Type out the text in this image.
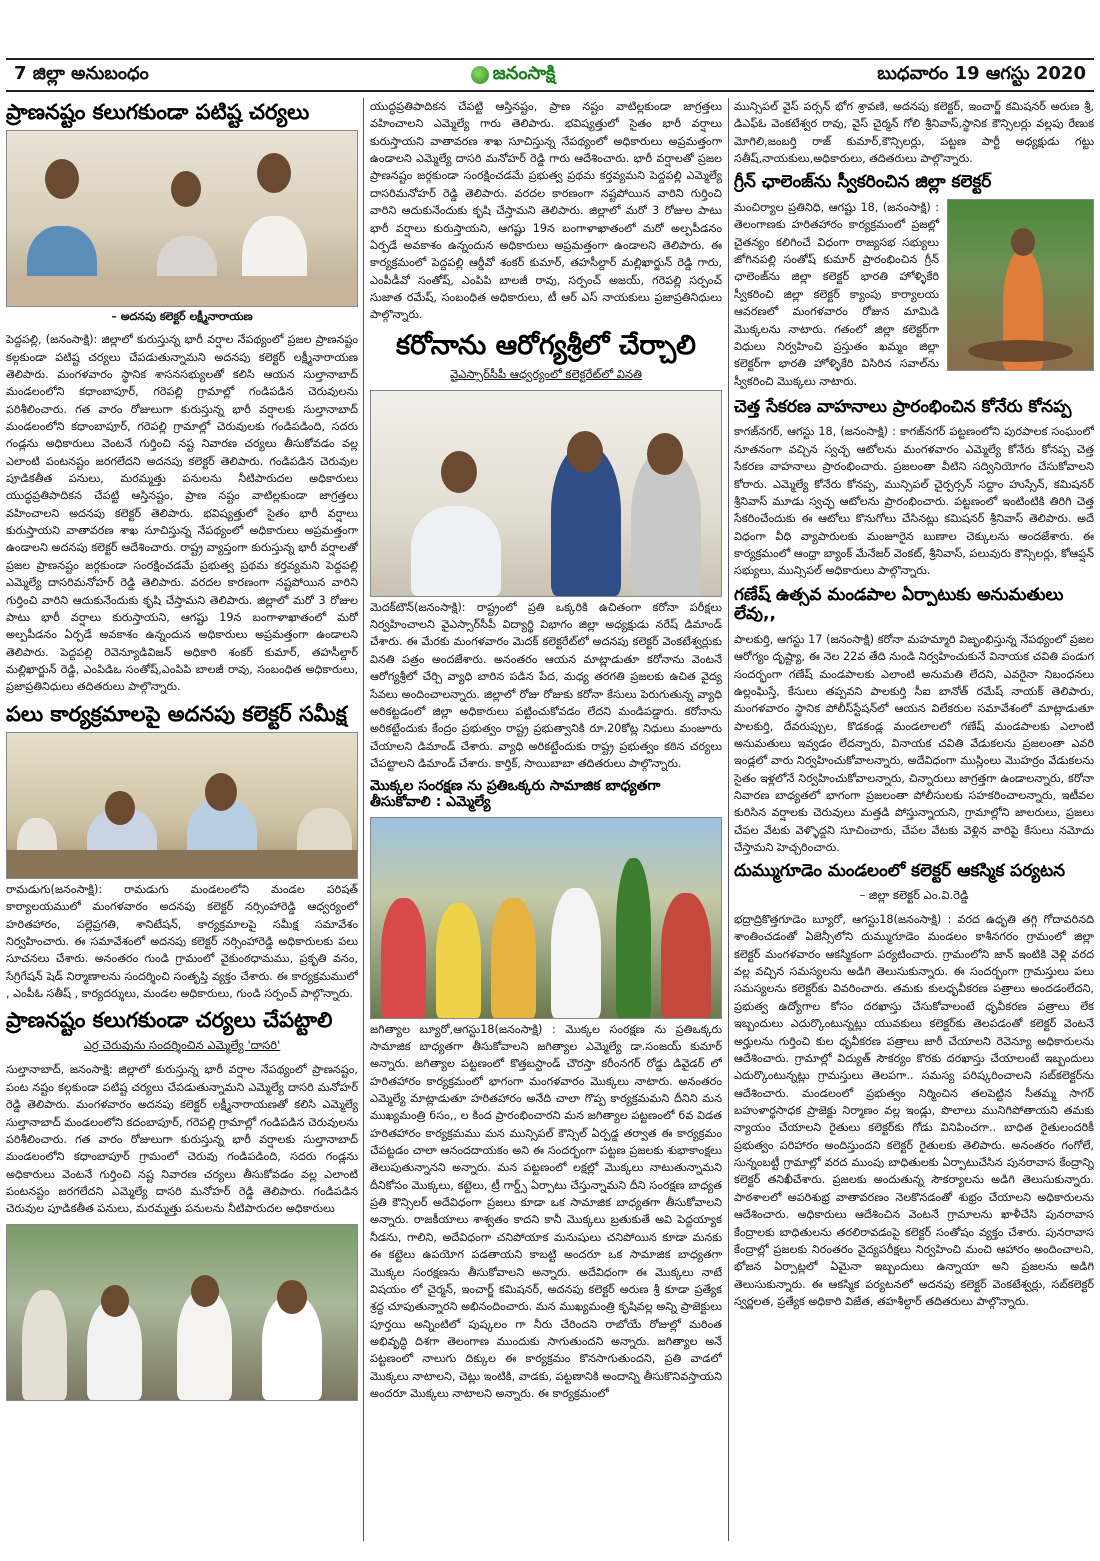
7 జిల్లా అనుబంధం	జనంసాక్షి	బుధవారం 19 ఆగస్టు 2020
ప్రాణనష్టం కలుగకుండా పటిష్ట చర్యలు
– అదనపు కలెక్టర్ లక్ష్మీనారాయణ

పెద్దపల్లి, (జనంసాక్షి): జిల్లాలో కురుస్తున్న భారీ వర్షాల నేపథ్యంలో ప్రజల ప్రాణనష్టం కల్గకుండా పటిష్ట చర్యలు చేపడుతున్నామని అదనపు కలెక్టర్ లక్ష్మీనారాయణ తెలిపారు. మంగళవారం స్థానిక శాసనసభ్యులతో కలిసి ఆయన సుల్తానాబాద్ మండలంలోని కధాంబాపూర్, గరెపల్లి గ్రామాల్లో గండిపడిన చెరువులను పరిశీలించారు. గత వారం రోజులుగా కురుస్తున్న భారీ వర్షాలకు సుల్తానాబాద్ మండలంలోని కధాంబాపూర్, గరెపల్లి గ్రామాల్లో చెరువులకు గండిపడింది, సదరు గండ్లను అధికారులు వెంటనే గుర్తించి నష్ట నివారణ చర్యలు తీసుకోవడం వల్ల ఎలాంటి పంటనష్టం జరగలేదని అదనపు కలెక్టర్ తెలిపారు. గండిపడిన చెరువుల పూడికతీత పనులు, మరమ్మత్తు పనులను నీటిపారుదల అధికారులు యుద్ధప్రతిపాదికన చేపట్టి ఆస్తినష్టం, ప్రాణ నష్టం వాటిల్లకుండా జాగ్రత్తలు వహించాలని అదనపు కలెక్టర్ తెలిపారు. భవిష్యత్తులో సైతం భారీ వర్షాలు కురుస్తాయని వాతావరణ శాఖ సూచిస్తున్న నేపథ్యంలో అధికారులు అప్రమత్తంగా ఉండాలని అదనపు కలెక్టర్ ఆదేశించారు. రాష్ట్ర వ్యాప్తంగా కురుస్తున్న భారీ వర్షాలతో ప్రజల ప్రాణనష్టం జర్గకుండా సంరక్షించడమే ప్రభుత్వ ప్రథమ కర్తవ్యమని పెద్దపల్లి ఎమ్మెల్యే దాసరిమనోహర్ రెడ్డి తెలిపారు. వరదల కారణంగా నష్టపోయిన వారిని గుర్తించి వారిని ఆదుకునేందుకు కృషి చేస్తామని తెలిపారు. జిల్లాలో మరో 3 రోజుల పాటు భారీ వర్షాలు కురుస్తాయని, ఆగష్టు 19న బంగాళాఖాతంలో మరో అల్పపీడనం ఏర్పడే అవకాశం ఉన్నందున అధికారులు అప్రమత్తంగా ఉండాలని తెలిపారు. పెద్దపల్లి రెవెన్యూడివిజన్ అధికారి శంకర్ కుమార్, తహసీల్దార్ మల్లిఖార్జున్ రెడ్డి, ఎంపిడిఒ సంతోష్,ఎంపిపి బాలజీ రావు, సంబంధిత అధికారులు, ప్రజాప్రతినిధులు తదితరులు పాల్గొన్నారు.

పలు కార్యక్రమాలపై అదనపు కలెక్టర్ సమీక్ష

రామడుగు(జనంసాక్షి): రామడుగు మండలంలోని మండల పరిషత్ కార్యాలయములో మంగళవారం అదనపు కలెక్టర్ నర్సింహారెడ్డి ఆధ్వర్యంలో హరితహారం, పల్లెప్రగతి, శానిటేషన్, కార్యక్రమాలపై సమీక్ష సమావేశం నిర్వహించారు. ఈ సమావేశంలో అదనపు కలెక్టర్ నర్సింహారెడ్డి అధికారులకు పలు సూచనలు చేశారు. అనంతరం గుండి గ్రామంలో వైకుంఠధామము, ప్రకృతి వనం, సేగ్రిగేషన్ షెడ్ నిర్మాణాలను సందర్శించి సంతృప్తి వ్యక్తం చేశారు. ఈ కార్యక్రమములో , ఎంపీఓ సతీష్ , కార్యదర్శులు, మండల అధికారులు, గుండి సర్పంచ్ పాల్గొన్నారు.

ప్రాణనష్టం కలుగకుండా చర్యలు చేపట్టాలి
ఎర్ర చెరువును సందర్శించిన ఎమ్మెల్యే 'దాసరి'

సుల్తానాబాద్, జనంసాక్షి: జిల్లాలో కురుస్తున్న భారీ వర్షాల నేపథ్యంలో ప్రాణనష్టం, పంట నష్టం కల్గకుండా పటిష్ట చర్యలు చేపడుతున్నామని ఎమ్మెల్యే దాసరి మనోహర్ రెడ్డి తెలిపారు. మంగళవారం అదనపు కలెక్టర్ లక్ష్మీనారాయణతో కలిసి ఎమ్మెల్యే సుల్తానాబాద్ మండలంలోని కదంబాపూర్, గరెపల్లి గ్రామాల్లో గండిపడిన చెరువులను పరిశీలించారు. గత వారం రోజులుగా కురుస్తున్న భారీ వర్షాలకు సుల్తానాబాద్ మండలంలోని కధాంబాపూర్ గ్రామంలో చెరువు గండిపడింది, సదరు గండ్లను అధికారులు వెంటనే గుర్తించి నష్ట నివారణ చర్యలు తీసుకోవడం వల్ల ఎలాంటి పంటనష్టం జరగలేదని ఎమ్మెల్యే దాసరి మనోహర్ రెడ్డి తెలిపారు. గండిపడిన చెరువుల పూడికతీత పనులు, మరమ్మత్తు పనులను నీటిపారుదల అధికారులు

యుద్ధప్రతిపాదికన చేపట్టి ఆస్తినష్టం, ప్రాణ నష్టం వాటిల్లకుండా జాగ్రత్తలు వహించాలని ఎమ్మెల్యే గారు తెలిపారు. భవిష్యత్తులో సైతం భారీ వర్షాలు కురుస్తాయని వాతావరణ శాఖ సూచిస్తున్న నేపథ్యంలో అధికారులు అప్రమత్తంగా ఉండాలని ఎమ్మెల్యే దాసరి మనోహర్ రెడ్డి గారు ఆదేశించారు. భారీ వర్షాలతో ప్రజల ప్రాణనష్టం జర్గకుండా సంరక్షించడమే ప్రభుత్వ ప్రథమ కర్తవ్యమని పెద్దపల్లి ఎమ్మెల్యే దాసరిమనోహర్ రెడ్డి తెలిపారు. వరదల కారణంగా నష్టపోయిన వారిని గుర్తించి వారిని ఆదుకునేందుకు కృషి చేస్తామని తెలిపారు. జిల్లాలో మరో 3 రోజుల పాటు భారీ వర్షాలు కురుస్తాయని, ఆగష్టు 19న బంగాళాఖాతంలో మరో అల్పపీడనం ఏర్పడే అవకాశం ఉన్నందున అధికారులు అప్రమత్తంగా ఉండాలని తెలిపారు. ఈ కార్యక్రమంలో పెద్దపల్లి ఆర్డీవో శంకర్ కుమార్, తహసీల్దార్ మల్లిఖార్జున్ రెడ్డి గారు, ఎంపీడీవో సంతోష్, ఎంపిపి బాలజీ రావు, సర్పంచ్ అజయ్, గరెపల్లి సర్పంచ్ సుజాత రమేష్, సంబంధిత అధికారులు, టీ ఆర్ ఎస్ నాయకులు ప్రజాప్రతినిధులు పాల్గొన్నారు.

కరోనాను ఆరోగ్యశ్రీలో చేర్చాలి
వైఎస్సార్‌సీపీ ఆధ్వర్యంలో కలెక్టరేట్‌లో వినతి

మెదక్‌టౌన్(జనంసాక్షి): రాష్ట్రంలో ప్రతి ఒక్కరికి ఉచితంగా కరోనా పరీక్షలు నిర్వహించాలని వైఎస్సార్‌సీపీ విద్యార్థి విభాగం జిల్లా అధ్యక్షుడు నరేష్ డిమాండ్ చేశారు. ఈ మేరకు మంగళవారం మెదక్ కలెక్టరేట్‌లో అదనపు కలెక్టర్ వెంకటేశ్వర్లుకు వినతి పత్రం అందజేశారు. అనంతరం ఆయన మాట్లాడుతూ కరోనాను వెంటనే ఆరోగ్యశ్రీలో చేర్చి వ్యాధి బారిన పడిన పేద, మధ్య తరగతి ప్రజలకు ఉచిత వైద్య సేవలు అందించాలన్నారు. జిల్లాలో రోజు రోజుకు కరోనా కేసులు పెరుగుతున్న వ్యాధి అరికట్టడంలో జిల్లా అధికారులు పట్టించుకోవడం లేదని మండిపడ్డారు. కరోనాను అరికట్టేందుకు కేంద్రం ప్రభుత్వం రాష్ట్ర ప్రభుత్వానికి రూ.20కోట్ల నిధులు మంజూరు చేయాలని డిమాండ్ చేశారు. వ్యాధి అరికట్టేందుకు రాష్ట్ర ప్రభుత్వం కఠిన చర్యలు చేపట్టాలని డిమాండ్ చేశారు. కార్తిక్, సాయిబాబా తదితరులు పాల్గొన్నారు.

మొక్కల సంరక్షణ ను ప్రతిఒక్కరు సామాజిక బాధ్యతగా తీసుకోవాలి : ఎమ్మెల్యే

జగిత్యాల బ్యూరో,ఆగస్టు18(జనంసాక్షి) : మొక్కల సంరక్షణ ను ప్రతిఒక్కరు సామాజిక బాధ్యతగా తీసుకోవాలని జగిత్యాల ఎమ్మెల్యే డా.సంజయ్ కుమార్ అన్నారు. జగిత్యాల పట్టణంలో కొత్తబస్టాండ్ చౌరస్తా కరీంనగర్ రోడ్డు డివైడర్ లో హరితహారం కార్యక్రమంలో భాగంగా మంగళవారం మొక్కలు నాటారు. అనంతరం ఎమ్మెల్యే మాట్లాడుతూ హరితహారం అనేది చాలా గొప్ప కార్యక్రమమని దీనిని మన ముఖ్యమంత్రి 6సం,, ల కింద ప్రారంభించారని మన జగిత్యాల పట్టణంలో 6వ విడత హరితహారం కార్యక్రమము మన మున్సిపల్ కౌన్సిల్ ఏర్పడ్డ తర్వాత ఈ కార్యక్రమం చేపట్టడం చాలా ఆనందదాయకం అని ఈ సందర్భంగా పట్టణ ప్రజలకు శుభాకాంక్షలు తెలుపుతున్నానని అన్నారు. మన పట్టణంలో లక్షల్లో మొక్కలు నాటుతున్నామని దీనికోసం మొక్కలు, కట్టెలు, ట్రీ గార్డ్స్ ఏర్పాటు చేస్తున్నామని దీని సంరక్షణ బాధ్యత ప్రతి కౌన్సిలర్ అదేవిధంగా ప్రజలు కూడా ఒక సామాజిక బాధ్యతగా తీసుకోవాలని అన్నారు. రాజకీయాలు శాశ్వతం కాదని కానీ మొక్కలు బ్రతుకుతే అవి పెద్దయ్యాక నీడను, గాలిని, అదేవిధంగా చనిపోయాక మనుషులు చనిపోయిన కూడా మనకు ఈ కట్టెలు ఉపయోగ పడతాయని కాబట్టి అందరూ ఒక సామాజిక బాధ్యతగా మొక్కల సంరక్షణను తీసుకోవాలని అన్నారు. అదేవిధంగా ఈ మొక్కలు నాటే విషయం లో చైర్మన్, ఇంచార్జ్ కమిషనర్, అదనపు కలెక్టర్ అరుణ శ్రీ కూడా ప్రత్యేక శ్రద్ధ చూపుతున్నారని అభినందించారు. మన ముఖ్యమంత్రి కృషివల్ల అన్ని ప్రాజెక్టులు పూర్తయి అన్నింటిలో పుష్కలం గా నీరు చేరిందని రాబోయే రోజుల్లో మరింత అభివృద్ధి దిశగా తెలంగాణ ముందుకు సాగుతుందని అన్నారు. జగిత్యాల అనే పట్టణంలో నాలుగు దిక్కుల ఈ కార్యక్రమం కొనసాగుతుందని, ప్రతి వాడలో మొక్కలు నాటాలని, చెట్లు ఇంటికి, వాడకు, పట్టణానికి అందాన్ని తీసుకొనివస్తాయని అందరూ మొక్కలు నాటాలని అన్నారు. ఈ కార్యక్రమంలో

మున్సిపల్ వైస్ పర్సన్ భోగ శ్రావణి, అదనపు కలెక్టర్, ఇంచార్జ్ కమిషనర్ అరుణ శ్రీ, డిఎఫ్ఓ వెంకటేశ్వర రావు, వైస్ చైర్మన్ గోలి శ్రీనివాస్,స్థానిక కౌన్సిలర్లు వల్లపు రేణుక మోగిలి,జంబర్తి రాజ్ కుమార్,కౌన్సిలర్లు, పట్టణ పార్టీ అధ్యక్షుడు గట్టు సతీష్,నాయకులు,అధికారులు, తదితరులు పాల్గొన్నారు.

గ్రీన్ ఛాలెంజ్‌ను స్వీకరించిన జిల్లా కలెక్టర్

మంచిర్యాల ప్రతినిధి, ఆగష్టు 18, (జనంసాక్షి) : తెలంగాణకు హరితహారం కార్యక్రమంలో ప్రజల్లో చైతన్యం కలిగించే విధంగా రాజ్యసభ సభ్యులు జోగినపల్లి సంతోష్ కుమార్ ప్రారంభించిన గ్రీన్ ఛాలెంజ్‌ను జిల్లా కలెక్టర్ భారతి హోళ్ళికేరి స్వీకరించి జిల్లా కలెక్టర్ క్యాంపు కార్యాలయ ఆవరణలో మంగళవారం రోజున మామిడి మొక్కలను నాటారు. గతంలో జిల్లా కలెక్టర్‌గా విధులు నిర్వహించి ప్రస్తుతం ఖమ్మం జిల్లా కలెక్టర్‌గా భారతి హోళ్ళికేరి విసిరిన సవాల్‌ను స్వీకరించి మొక్కలు నాటారు.

చెత్త సేకరణ వాహనాలు ప్రారంభించిన కోనేరు కోనప్ప

కాగజ్‌నగర్, ఆగస్టు 18, (జనంసాక్షి) : కాగజ్‌నగర్ పట్టణంలోని పురపాలక సంఘంలో నూతనంగా వచ్చిన స్వచ్ఛ ఆటోలను మంగళవారం ఎమ్మెల్యే కోనేరు కోనప్ప చెత్త సేకరణ వాహనాలు ప్రారంభించారు. ప్రజలంతా వీటిని సద్వినియోగం చేసుకోవాలని కోరారు. ఎమ్మెల్యే కోనేరు కోనప్ప, మున్సిపల్ చైర్పర్సన్ సద్దాం హుస్సేన్, కమిషనర్ శ్రీనివాస్ మూడు స్వచ్ఛ ఆటోలను ప్రారంభించారు. పట్టణంలో ఇంటింటికి తిరిగి చెత్త సేకరించేందుకు ఈ ఆటోలు కొనుగోలు చేసినట్లు కమిషనర్ శ్రీనివాస్ తెలిపారు. అదే విధంగా వీధి వ్యాపారులకు మంజూరైన బుణాల చెక్కులను అందజేశారు. ఈ కార్యక్రమంలో ఆంధ్రా బ్యాంక్ మేనేజర్ వెంకట్, శ్రీనివాస్, పలువురు కౌన్సిలర్లు, కోఆప్షన్ సభ్యులు, మున్సిపల్ అధికారులు పాల్గొన్నారు.

గణేష్ ఉత్సవ మండపాల ఏర్పాటుకు అనుమతులు లేవు,,

పాలకుర్తి, ఆగస్టు 17 (జనంసాక్షి) కరోనా మహమ్మారి విజృంభిస్తున్న నేపథ్యంలో ప్రజల ఆరోగ్యం దృష్ట్యా, ఈ నెల 22వ తేది నుండి నిర్వహించుకునే వినాయక చవితి పండుగ సందర్భంగా గణేష్ మండపాలకు ఎలాంటి అనుమతి లేదని, ఎవరైనా నిబంధనలు ఉల్లంఘిస్తే, కేసులు తప్పవని పాలకుర్తి సీఐ బానోత్ రమేష్ నాయక్ తెలిపారు, మంగళవారం స్థానిక పోలీస్‌స్టేషన్‌లో ఆయన విలేకరుల సమావేశంలో మాట్లాడుతూ పాలకుర్తి, దేవరుప్పుల, కొడకండ్ల మండలాలలో గణేష్ మండపాలకు ఎలాంటి అనుమతులు ఇవ్వడం లేదన్నారు, వినాయక చవితి వేడుకలను ప్రజలంతా ఎవరి ఇండ్లలో వారు నిర్వహించుకోవాలన్నారు, అదేవిధంగా ముస్లింలు మొహర్రం వేడుకలను సైతం ఇళ్లలోనే నిర్వహించుకోవాలన్నారు, చిన్నారులు జాగ్రత్తగా ఉండాలన్నారు, కరోనా నివారణ బాధ్యతలో భాగంగా ప్రజలంతా పోలీసులకు సహకరించాలన్నారు, ఇటీవల కురిసిన వర్షాలకు చెరువులు మత్తడి పోస్తున్నాయని, గ్రామాల్లోని జాలరులు, ప్రజలు చేపల వేటకు వెళ్ళొద్దని సూచించారు, చేపల వేటకు వెళ్లిన వారిపై కేసులు నమోదు చేస్తామని హెచ్చరించారు.

దుమ్ముగూడెం మండలంలో కలెక్టర్ ఆకస్మిక పర్యటన
– జిల్లా కలెక్టర్ ఎం.వి.రెడ్డి

భద్రాద్రికొత్తగూడెం బ్యూరో, ఆగస్టు18(జనంసాక్షి) : వరద ఉధృతి తగ్గి గోదావరినది శాంతించడంతో ఏజెన్సీలోని దుమ్ముగూడెం మండలం కాశీనగరం గ్రామంలో జిల్లా కలెక్టర్ మంగళవారం ఆకస్మికంగా పర్యటించారు. గ్రామంలోని జాన్ ఇంటికి వెళ్లి వరద వల్ల వచ్చిన సమస్యలను అడిగి తెలుసుకున్నారు. ఈ సందర్భంగా గ్రామస్తులు పలు సమస్యలను కలెక్టర్‌కు వివరించారు. తమకు కులధృవీకరణ పత్రాలు అందడంలేదని, ప్రభుత్వ ఉద్యోగాల కోసం దరఖాస్తు చేసుకోవాలంటే ధృవీకరణ పత్రాలు లేక ఇబ్బందులు ఎదుర్కొంటున్నట్లు యువకులు కలెక్టర్‌కు తెలపడంతో కలెక్టర్ వెంటనే అర్హులను గుర్తించి కుల ధృవీకరణ పత్రాలు జారీ చేయాలని రెవెన్యూ అధికారులను ఆదేశించారు. గ్రామాల్లో విద్యుత్ సౌకర్యం కొరకు దరఖాస్తు చేయాలంటే ఇబ్బందులు ఎదుర్కొంటున్నట్లు గ్రామస్తులు తెలపగా.. సమస్య పరిష్కరించాలని సబ్‌కలెక్టర్‌ను ఆదేశించారు. మండలంలో ప్రభుత్వం నిర్మించిన తలపెట్టిన సీతమ్మ సాగర్ బహుళార్థసాధక ప్రాజెక్టు నిర్మాణం వల్ల ఇండ్లు, పొలాలు మునిగిపోతాయని తమకు న్యాయం చేయాలని రైతులు కలెక్టర్‌కు గోడు వినిపించగా.. బాధిత రైతులందరికీ ప్రభుత్వం పరిహారం అందిస్తుందని కలెక్టర్ రైతులకు తెలిపారు. అనంతరం గంగోలే, సున్నంబట్టీ గ్రామాల్లో వరద ముంపు బాధితులకు ఏర్పాటుచేసిన పునరావాస కేంద్రాన్ని కలెక్టర్ తనిఖీచేశారు. ప్రజలకు అందుతున్న సౌకర్యాలను అడిగి తెలుసుకున్నారు. పాఠశాలలో అపరిశుభ్ర వాతావరణం నెలకొనడంతో శుభ్రం చేయాలని అధికారులను ఆదేశించారు. అధికారులు ఆదేశించిన వెంటనే గ్రామాలను ఖాళీచేసి పునరావాస కేంద్రాలకు బాధితులను తరలిరావడంపై కలెక్టర్ సంతోషం వ్యక్తం చేశారు. పునరావాస కేంద్రాల్లో ప్రజలకు నిరంతరం వైద్యపరీక్షలు నిర్వహించి మంచి ఆహారం అందించాలని, భోజన ఏర్పాట్లలో ఏమైనా ఇబ్బందులు ఉన్నాయా అని ప్రజలను అడిగి తెలుసుకున్నారు. ఈ ఆకస్మిక పర్యటనలో అదనపు కలెక్టర్ వెంకటేశ్వర్లు, సబ్‌కలెక్టర్ స్వర్ణలత, ప్రత్యేక అధికారి విజేత, తహశీల్దార్ తదితరులు పాల్గొన్నారు.
